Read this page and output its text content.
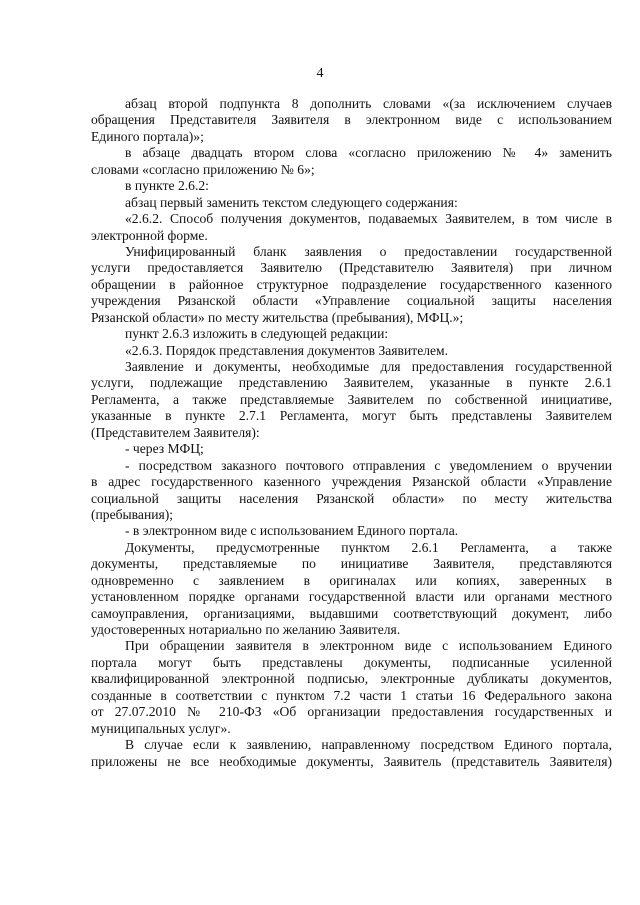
4
абзац второй подпункта 8 дополнить словами «(за исключением случаев
обращения Представителя Заявителя в электронном виде с использованием
Единого портала)»;
в абзаце двадцать втором слова «согласно приложению № 4» заменить
словами «согласно приложению № 6»;
в пункте 2.6.2:
абзац первый заменить текстом следующего содержания:
«2.6.2. Способ получения документов, подаваемых Заявителем, в том числе в
электронной форме.
Унифицированный бланк заявления о предоставлении государственной
услуги предоставляется Заявителю (Представителю Заявителя) при личном
обращении в районное структурное подразделение государственного казенного
учреждения Рязанской области «Управление социальной защиты населения
Рязанской области» по месту жительства (пребывания), МФЦ.»;
пункт 2.6.3 изложить в следующей редакции:
«2.6.3. Порядок представления документов Заявителем.
Заявление и документы, необходимые для предоставления государственной
услуги, подлежащие представлению Заявителем, указанные в пункте 2.6.1
Регламента, а также представляемые Заявителем по собственной инициативе,
указанные в пункте 2.7.1 Регламента, могут быть представлены Заявителем
(Представителем Заявителя):
- через МФЦ;
- посредством заказного почтового отправления с уведомлением о вручении
в адрес государственного казенного учреждения Рязанской области «Управление
социальной защиты населения Рязанской области» по месту жительства
(пребывания);
- в электронном виде с использованием Единого портала.
Документы, предусмотренные пунктом 2.6.1 Регламента, а также
документы, представляемые по инициативе Заявителя, представляются
одновременно с заявлением в оригиналах или копиях, заверенных в
установленном порядке органами государственной власти или органами местного
самоуправления, организациями, выдавшими соответствующий документ, либо
удостоверенных нотариально по желанию Заявителя.
При обращении заявителя в электронном виде с использованием Единого
портала могут быть представлены документы, подписанные усиленной
квалифицированной электронной подписью, электронные дубликаты документов,
созданные в соответствии с пунктом 7.2 части 1 статьи 16 Федерального закона
от 27.07.2010 № 210-ФЗ «Об организации предоставления государственных и
муниципальных услуг».
В случае если к заявлению, направленному посредством Единого портала,
приложены не все необходимые документы, Заявитель (представитель Заявителя)
